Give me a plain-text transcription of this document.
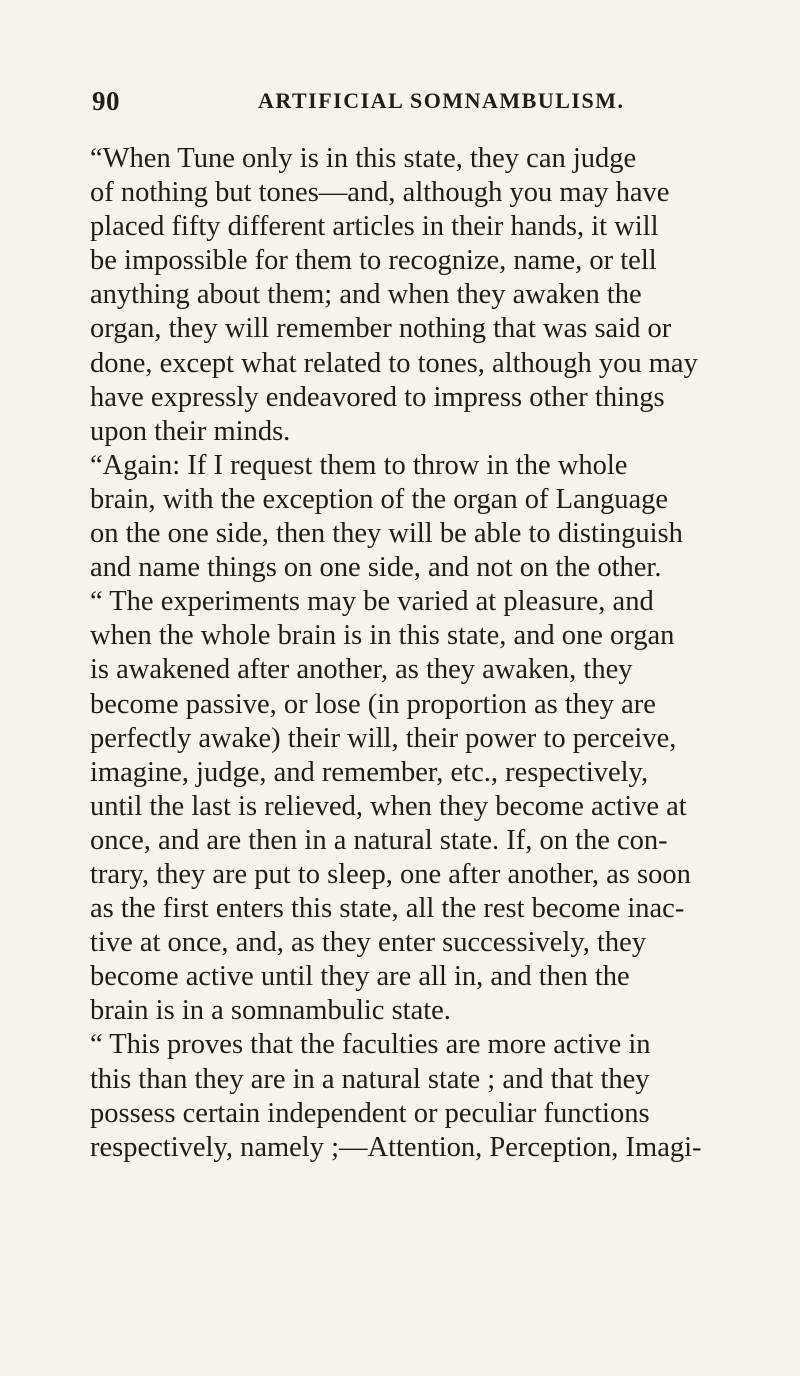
90	ARTIFICIAL SOMNAMBULISM.
“When Tune only is in this state, they can judge
of nothing but tones—and, although you may have
placed fifty different articles in their hands, it will
be impossible for them to recognize, name, or tell
anything about them; and when they awaken the
organ, they will remember nothing that was said or
done, except what related to tones, although you may
have expressly endeavored to impress other things
upon their minds.
“Again: If I request them to throw in the whole
brain, with the exception of the organ of Language
on the one side, then they will be able to distinguish
and name things on one side, and not on the other.
“ The experiments may be varied at pleasure, and
when the whole brain is in this state, and one organ
is awakened after another, as they awaken, they
become passive, or lose (in proportion as they are
perfectly awake) their will, their power to perceive,
imagine, judge, and remember, etc., respectively,
until the last is relieved, when they become active at
once, and are then in a natural state. If, on the con-
trary, they are put to sleep, one after another, as soon
as the first enters this state, all the rest become inac-
tive at once, and, as they enter successively, they
become active until they are all in, and then the
brain is in a somnambulic state.
“ This proves that the faculties are more active in
this than they are in a natural state ; and that they
possess certain independent or peculiar functions
respectively, namely ;—Attention, Perception, Imagi-
